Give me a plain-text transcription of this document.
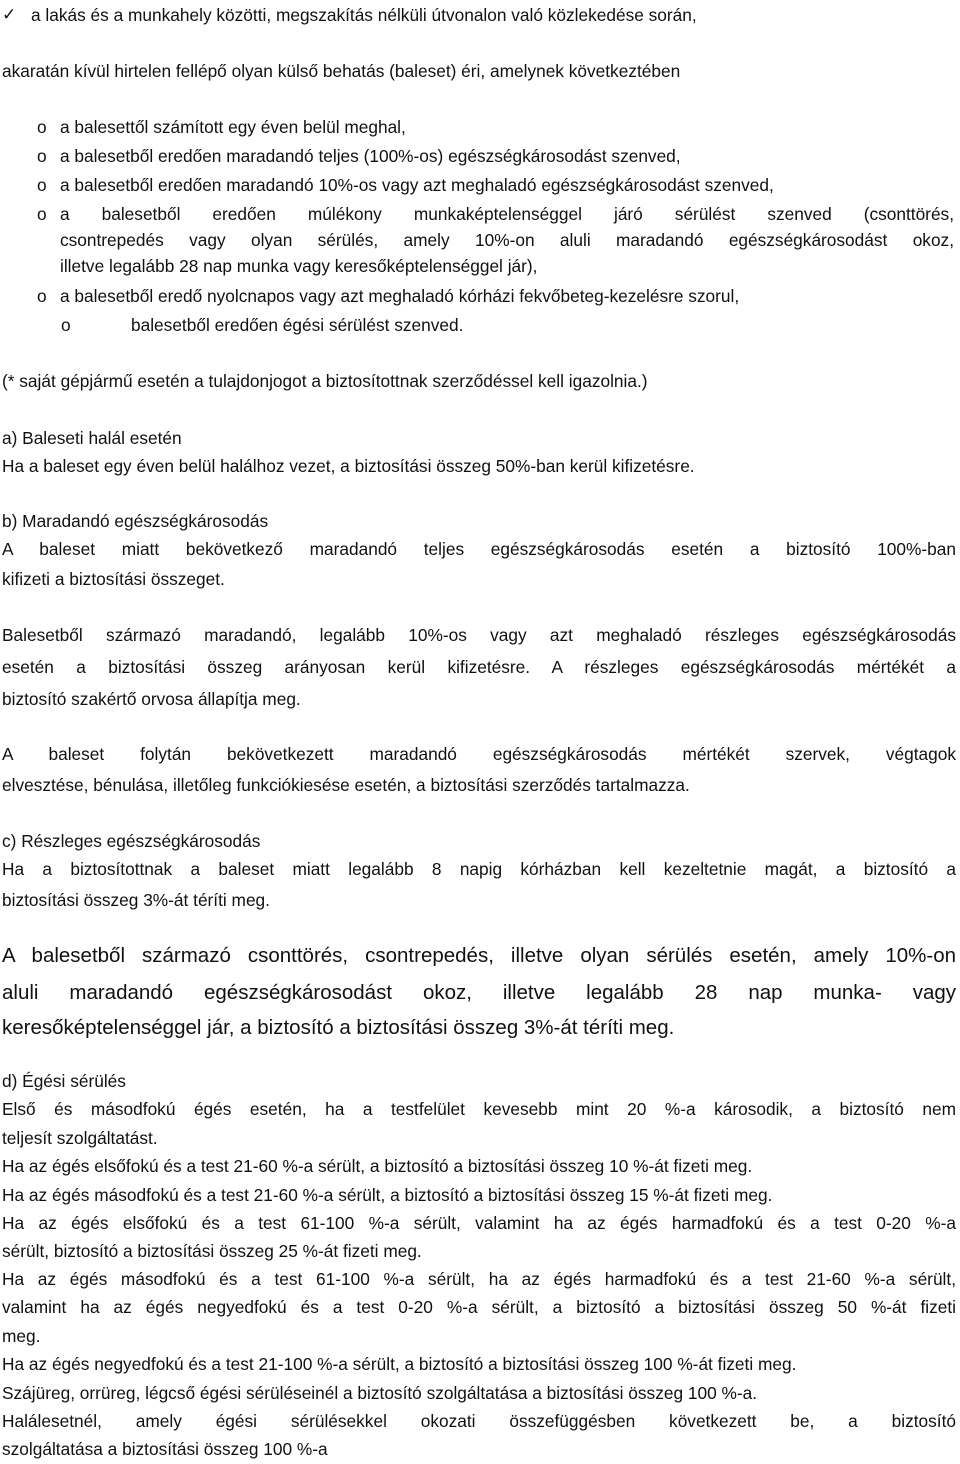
✓ a lakás és a munkahely közötti, megszakítás nélküli útvonalon való közlekedése során,
akaratán kívül hirtelen fellépő olyan külső behatás (baleset) éri, amelynek következtében
o a balesettől számított egy éven belül meghal,
o a balesetből eredően maradandó teljes (100%-os) egészségkárosodást szenved,
o a balesetből eredően maradandó 10%-os vagy azt meghaladó egészségkárosodást szenved,
o a balesetből eredően múlékony munkaképtelenséggel járó sérülést szenved (csonttörés,
csontrepedés vagy olyan sérülés, amely 10%-on aluli maradandó egészségkárosodást okoz,
illetve legalább 28 nap munka vagy keresőképtelenséggel jár),
o a balesetből eredő nyolcnapos vagy azt meghaladó kórházi fekvőbeteg-kezelésre szorul,
o	balesetből eredően égési sérülést szenved.
(* saját gépjármű esetén a tulajdonjogot a biztosítottnak szerződéssel kell igazolnia.)
a) Baleseti halál esetén
Ha a baleset egy éven belül halálhoz vezet, a biztosítási összeg 50%-ban kerül kifizetésre.
b) Maradandó egészségkárosodás
A baleset miatt bekövetkező maradandó teljes egészségkárosodás esetén a biztosító 100%-ban
kifizeti a biztosítási összeget.
Balesetből származó maradandó, legalább 10%-os vagy azt meghaladó részleges egészségkárosodás
esetén a biztosítási összeg arányosan kerül kifizetésre. A részleges egészségkárosodás mértékét a
biztosító szakértő orvosa állapítja meg.
A baleset folytán bekövetkezett maradandó egészségkárosodás mértékét szervek, végtagok
elvesztése, bénulása, illetőleg funkciókiesése esetén, a biztosítási szerződés tartalmazza.
c) Részleges egészségkárosodás
Ha a biztosítottnak a baleset miatt legalább 8 napig kórházban kell kezeltetnie magát, a biztosító a
biztosítási összeg 3%-át téríti meg.
A balesetből származó csonttörés, csontrepedés, illetve olyan sérülés esetén, amely 10%-on
aluli maradandó egészségkárosodást okoz, illetve legalább 28 nap munka- vagy
keresőképtelenséggel jár, a biztosító a biztosítási összeg 3%-át téríti meg.
d) Égési sérülés
Első és másodfokú égés esetén, ha a testfelület kevesebb mint 20 %-a károsodik, a biztosító nem
teljesít szolgáltatást.
Ha az égés elsőfokú és a test 21-60 %-a sérült, a biztosító a biztosítási összeg 10 %-át fizeti meg.
Ha az égés másodfokú és a test 21-60 %-a sérült, a biztosító a biztosítási összeg 15 %-át fizeti meg.
Ha az égés elsőfokú és a test 61-100 %-a sérült, valamint ha az égés harmadfokú és a test 0-20 %-a
sérült, biztosító a biztosítási összeg 25 %-át fizeti meg.
Ha az égés másodfokú és a test 61-100 %-a sérült, ha az égés harmadfokú és a test 21-60 %-a sérült,
valamint ha az égés negyedfokú és a test 0-20 %-a sérült, a biztosító a biztosítási összeg 50 %-át fizeti
meg.
Ha az égés negyedfokú és a test 21-100 %-a sérült, a biztosító a biztosítási összeg 100 %-át fizeti meg.
Szájüreg, orrüreg, légcső égési sérüléseinél a biztosító szolgáltatása a biztosítási összeg 100 %-a.
Halálesetnél, amely égési sérülésekkel okozati összefüggésben következett be, a biztosító
szolgáltatása a biztosítási összeg 100 %-a
